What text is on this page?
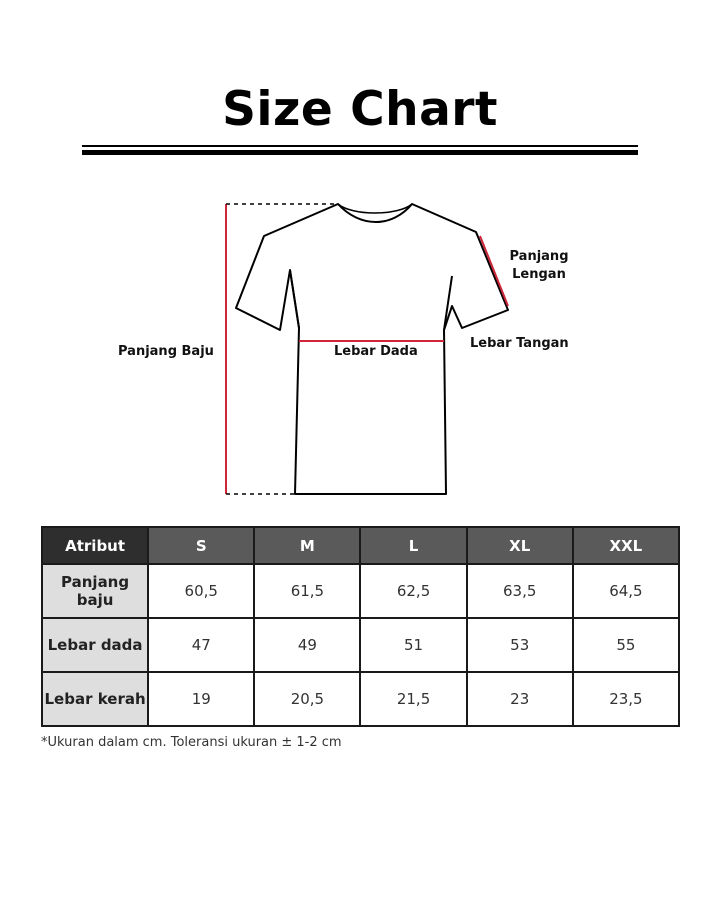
Size Chart
Panjang Baju	Lebar Dada
Lebar Tangan
Panjang
Lengan
Atribut	S	M	L	XL	XXL
Panjang baju	60,5	61,5	62,5	63,5	64,5
Lebar dada	47	49	51	53	55
Lebar kerah	19	20,5	21,5	23	23,5
*Ukuran dalam cm. Toleransi ukuran ± 1-2 cm
